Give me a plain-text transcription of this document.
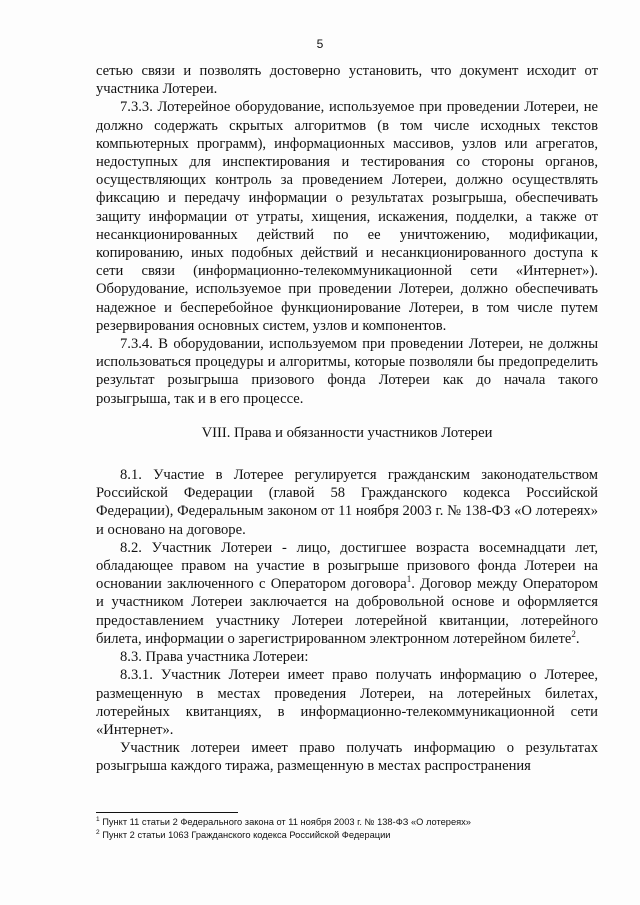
5

сетью связи и позволять достоверно установить, что документ исходит от участника Лотереи.

7.3.3. Лотерейное оборудование, используемое при проведении Лотереи, не должно содержать скрытых алгоритмов (в том числе исходных текстов компьютерных программ), информационных массивов, узлов или агрегатов, недоступных для инспектирования и тестирования со стороны органов, осуществляющих контроль за проведением Лотереи, должно осуществлять фиксацию и передачу информации о результатах розыгрыша, обеспечивать защиту информации от утраты, хищения, искажения, подделки, а также от несанкционированных действий по ее уничтожению, модификации, копированию, иных подобных действий и несанкционированного доступа к сети связи (информационно-телекоммуникационной сети «Интернет»). Оборудование, используемое при проведении Лотереи, должно обеспечивать надежное и бесперебойное функционирование Лотереи, в том числе путем резервирования основных систем, узлов и компонентов.

7.3.4. В оборудовании, используемом при проведении Лотереи, не должны использоваться процедуры и алгоритмы, которые позволяли бы предопределить результат розыгрыша призового фонда Лотереи как до начала такого розыгрыша, так и в его процессе.

VIII. Права и обязанности участников Лотереи

8.1. Участие в Лотерее регулируется гражданским законодательством Российской Федерации (главой 58 Гражданского кодекса Российской Федерации), Федеральным законом от 11 ноября 2003 г. № 138-ФЗ «О лотереях» и основано на договоре.

8.2. Участник Лотереи - лицо, достигшее возраста восемнадцати лет, обладающее правом на участие в розыгрыше призового фонда Лотереи на основании заключенного с Оператором договора$^1$. Договор между Оператором и участником Лотереи заключается на добровольной основе и оформляется предоставлением участнику Лотереи лотерейной квитанции, лотерейного билета, информации о зарегистрированном электронном лотерейном билете$^2$.

8.3. Права участника Лотереи:

8.3.1. Участник Лотереи имеет право получать информацию о Лотерее, размещенную в местах проведения Лотереи, на лотерейных билетах, лотерейных квитанциях, в информационно-телекоммуникационной сети «Интернет».

Участник лотереи имеет право получать информацию о результатах розыгрыша каждого тиража, размещенную в местах распространения

$^1$ Пункт 11 статьи 2 Федерального закона от 11 ноября 2003 г. № 138-ФЗ «О лотереях»
$^2$ Пункт 2 статьи 1063 Гражданского кодекса Российской Федерации
